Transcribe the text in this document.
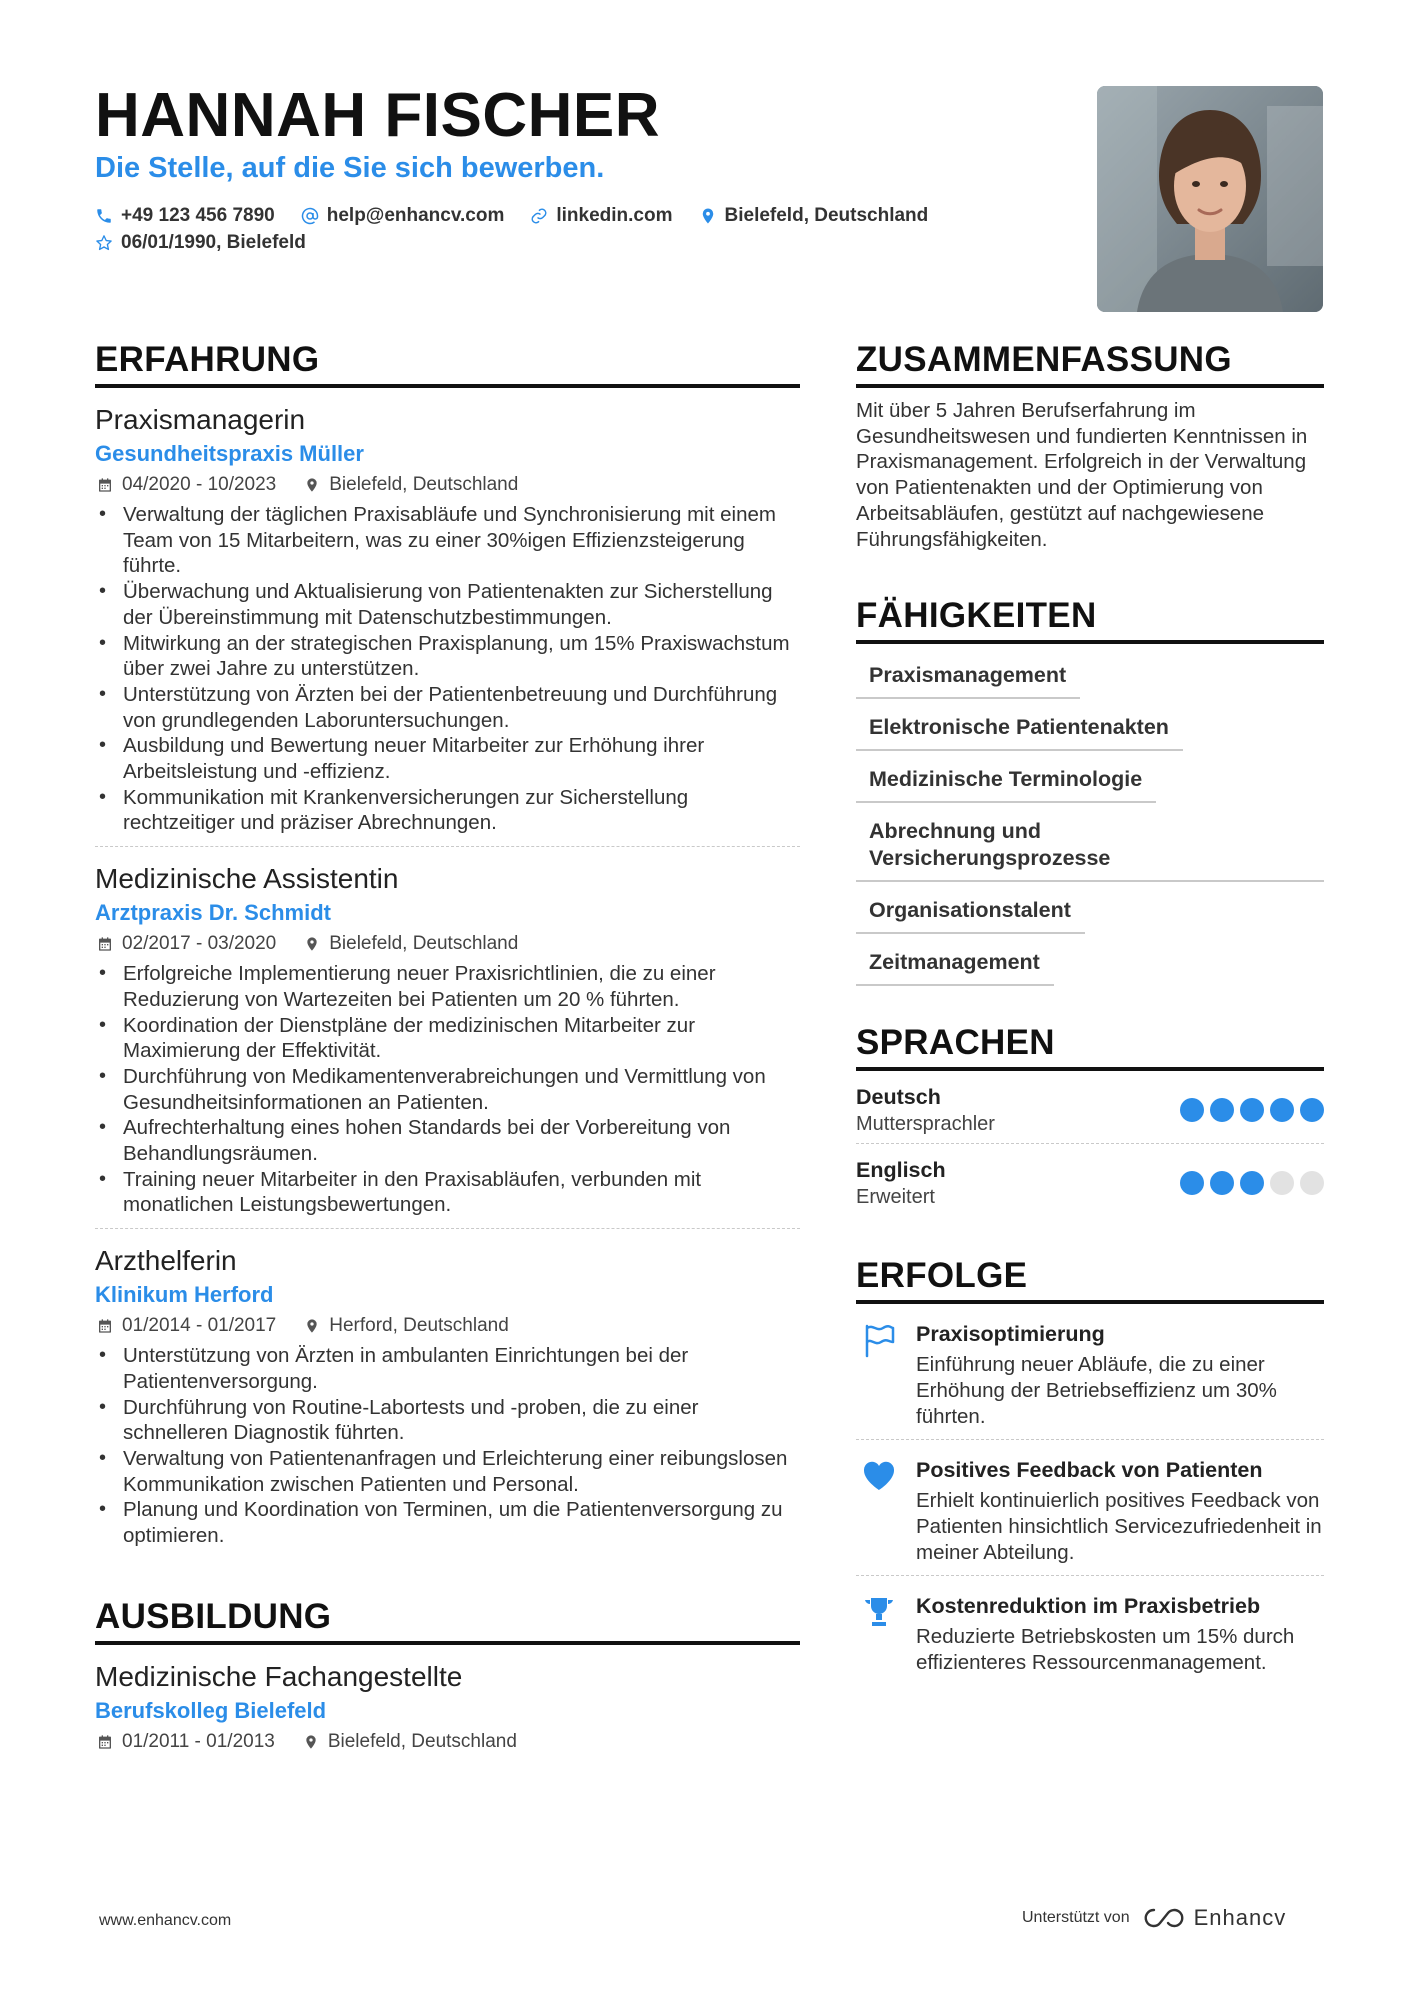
HANNAH FISCHER
Die Stelle, auf die Sie sich bewerben.
+49 123 456 7890	help@enhancv.com	linkedin.com	Bielefeld, Deutschland
06/01/1990, Bielefeld
ERFAHRUNG
Praxismanagerin
Gesundheitspraxis Müller
04/2020 - 10/2023	Bielefeld, Deutschland
• Verwaltung der täglichen Praxisabläufe und Synchronisierung mit einem Team von 15 Mitarbeitern, was zu einer 30%igen Effizienzsteigerung führte.
• Überwachung und Aktualisierung von Patientenakten zur Sicherstellung der Übereinstimmung mit Datenschutzbestimmungen.
• Mitwirkung an der strategischen Praxisplanung, um 15% Praxiswachstum über zwei Jahre zu unterstützen.
• Unterstützung von Ärzten bei der Patientenbetreuung und Durchführung von grundlegenden Laboruntersuchungen.
• Ausbildung und Bewertung neuer Mitarbeiter zur Erhöhung ihrer Arbeitsleistung und -effizienz.
• Kommunikation mit Krankenversicherungen zur Sicherstellung rechtzeitiger und präziser Abrechnungen.
Medizinische Assistentin
Arztpraxis Dr. Schmidt
02/2017 - 03/2020	Bielefeld, Deutschland
• Erfolgreiche Implementierung neuer Praxisrichtlinien, die zu einer Reduzierung von Wartezeiten bei Patienten um 20 % führten.
• Koordination der Dienstpläne der medizinischen Mitarbeiter zur Maximierung der Effektivität.
• Durchführung von Medikamentenverabreichungen und Vermittlung von Gesundheitsinformationen an Patienten.
• Aufrechterhaltung eines hohen Standards bei der Vorbereitung von Behandlungsräumen.
• Training neuer Mitarbeiter in den Praxisabläufen, verbunden mit monatlichen Leistungsbewertungen.
Arzthelferin
Klinikum Herford
01/2014 - 01/2017	Herford, Deutschland
• Unterstützung von Ärzten in ambulanten Einrichtungen bei der Patientenversorgung.
• Durchführung von Routine-Labortests und -proben, die zu einer schnelleren Diagnostik führten.
• Verwaltung von Patientenanfragen und Erleichterung einer reibungslosen Kommunikation zwischen Patienten und Personal.
• Planung und Koordination von Terminen, um die Patientenversorgung zu optimieren.
AUSBILDUNG
Medizinische Fachangestellte
Berufskolleg Bielefeld
01/2011 - 01/2013	Bielefeld, Deutschland
ZUSAMMENFASSUNG
Mit über 5 Jahren Berufserfahrung im Gesundheitswesen und fundierten Kenntnissen in Praxismanagement. Erfolgreich in der Verwaltung von Patientenakten und der Optimierung von Arbeitsabläufen, gestützt auf nachgewiesene Führungsfähigkeiten.
FÄHIGKEITEN
Praxismanagement
Elektronische Patientenakten
Medizinische Terminologie
Abrechnung und Versicherungsprozesse
Organisationstalent
Zeitmanagement
SPRACHEN
Deutsch
Muttersprachler
Englisch
Erweitert
ERFOLGE
Praxisoptimierung
Einführung neuer Abläufe, die zu einer Erhöhung der Betriebseffizienz um 30% führten.
Positives Feedback von Patienten
Erhielt kontinuierlich positives Feedback von Patienten hinsichtlich Servicezufriedenheit in meiner Abteilung.
Kostenreduktion im Praxisbetrieb
Reduzierte Betriebskosten um 15% durch effizienteres Ressourcenmanagement.
www.enhancv.com	Unterstützt von	Enhancv
